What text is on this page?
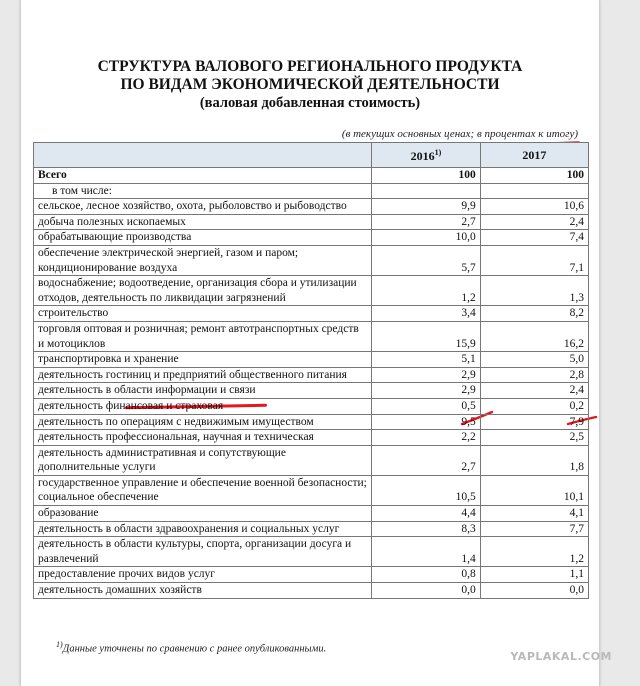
СТРУКТУРА ВАЛОВОГО РЕГИОНАЛЬНОГО ПРОДУКТА
ПО ВИДАМ ЭКОНОМИЧЕСКОЙ ДЕЯТЕЛЬНОСТИ
(валовая добавленная стоимость)
(в текущих основных ценах; в процентах к итогу)
	2016$^{1)}$	2017
Всего	100	100
в том числе:		
сельское, лесное хозяйство, охота, рыболовство и рыбоводство	9,9	10,6
добыча полезных ископаемых	2,7	2,4
обрабатывающие производства	10,0	7,4
обеспечение электрической энергией, газом и паром; кондиционирование воздуха	5,7	7,1
водоснабжение; водоотведение, организация сбора и утилизации отходов, деятельность по ликвидации загрязнений	1,2	1,3
строительство	3,4	8,2
торговля оптовая и розничная; ремонт автотранспортных средств и мотоциклов	15,9	16,2
транспортировка и хранение	5,1	5,0
деятельность гостиниц и предприятий общественного питания	2,9	2,8
деятельность в области информации и связи	2,9	2,4
деятельность финансовая и страховая	0,5	0,2
деятельность по операциям с недвижимым имуществом	9,5	7,9
деятельность профессиональная, научная и техническая	2,2	2,5
деятельность административная и сопутствующие дополнительные услуги	2,7	1,8
государственное управление и обеспечение военной безопасности; социальное обеспечение	10,5	10,1
образование	4,4	4,1
деятельность в области здравоохранения и социальных услуг	8,3	7,7
деятельность в области культуры, спорта, организации досуга и развлечений	1,4	1,2
предоставление прочих видов услуг	0,8	1,1
деятельность домашних хозяйств	0,0	0,0
$^{1)}$Данные уточнены по сравнению с ранее опубликованными.
YAPLAKAL.COM
